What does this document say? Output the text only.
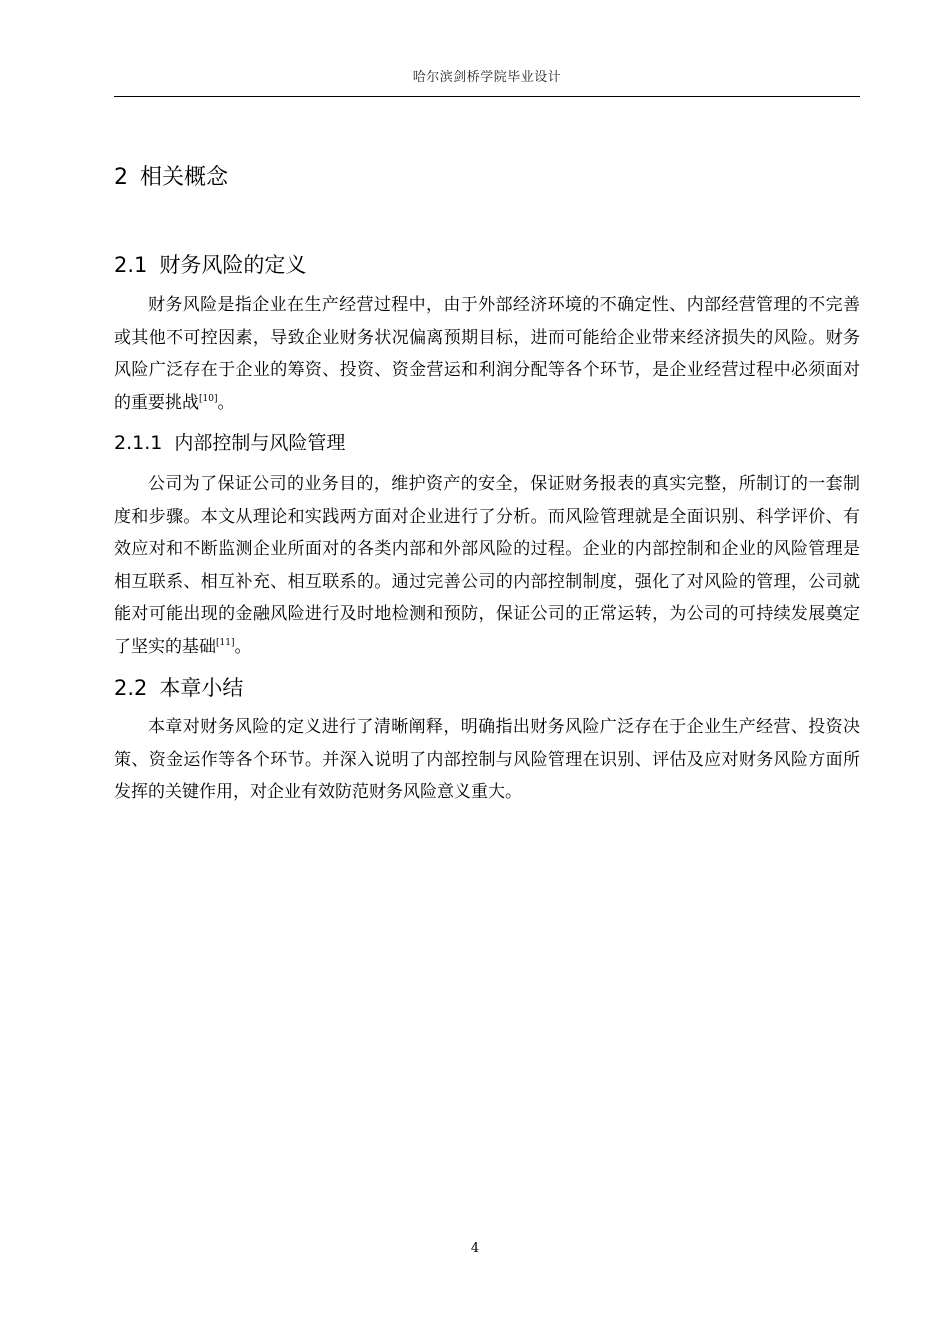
哈尔滨剑桥学院毕业设计
2 相关概念
2.1 财务风险的定义

财务风险是指企业在生产经营过程中，由于外部经济环境的不确定性、内部经营管理的不完善或其他不可控因素，导致企业财务状况偏离预期目标，进而可能给企业带来经济损失的风险。财务风险广泛存在于企业的筹资、投资、资金营运和利润分配等各个环节，是企业经营过程中必须面对的重要挑战[10]。

2.1.1 内部控制与风险管理

公司为了保证公司的业务目的，维护资产的安全，保证财务报表的真实完整，所制订的一套制度和步骤。本文从理论和实践两方面对企业进行了分析。而风险管理就是全面识别、科学评价、有效应对和不断监测企业所面对的各类内部和外部风险的过程。企业的内部控制和企业的风险管理是相互联系、相互补充、相互联系的。通过完善公司的内部控制制度，强化了对风险的管理，公司就能对可能出现的金融风险进行及时地检测和预防，保证公司的正常运转，为公司的可持续发展奠定了坚实的基础[11]。

2.2 本章小结

本章对财务风险的定义进行了清晰阐释，明确指出财务风险广泛存在于企业生产经营、投资决策、资金运作等各个环节。并深入说明了内部控制与风险管理在识别、评估及应对财务风险方面所发挥的关键作用，对企业有效防范财务风险意义重大。

4
